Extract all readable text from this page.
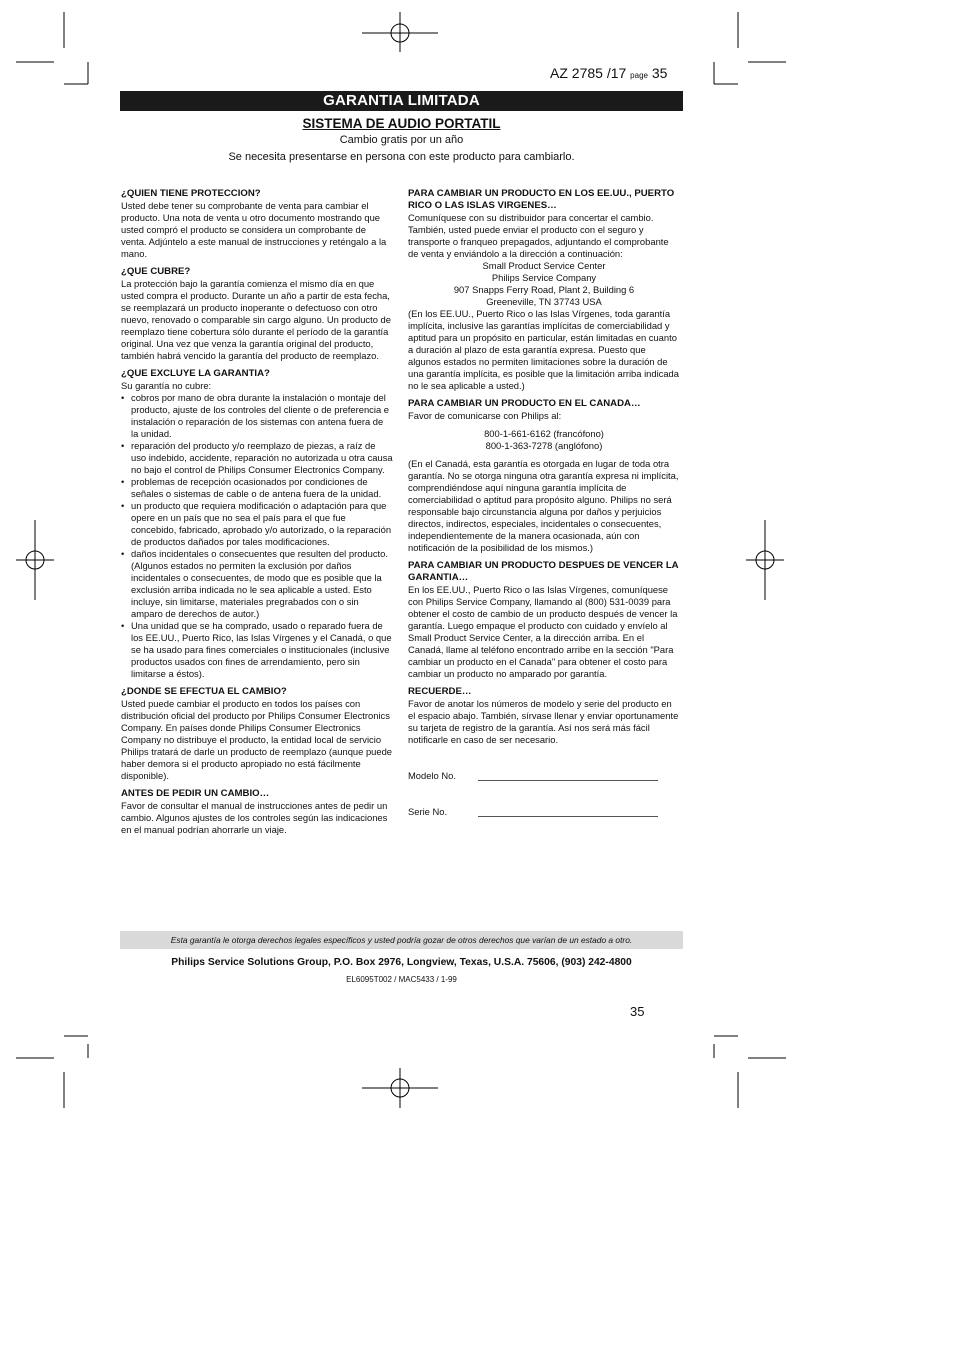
AZ 2785 /17 page 35
GARANTIA LIMITADA
SISTEMA DE AUDIO PORTATIL
Cambio gratis por un año
Se necesita presentarse en persona con este producto para cambiarlo.

¿QUIEN TIENE PROTECCION?

Usted debe tener su comprobante de venta para cambiar el producto. Una nota de venta u otro documento mostrando que usted compró el producto se considera un comprobante de venta. Adjúntelo a este manual de instrucciones y reténgalo a la mano.

¿QUE CUBRE?

La protección bajo la garantía comienza el mismo día en que usted compra el producto. Durante un año a partir de esta fecha, se reemplazará un producto inoperante o defectuoso con otro nuevo, renovado o comparable sin cargo alguno. Un producto de reemplazo tiene cobertura sólo durante el período de la garantía original. Una vez que venza la garantía original del producto, también habrá vencido la garantía del producto de reemplazo.

¿QUE EXCLUYE LA GARANTIA?

Su garantía no cubre:

• cobros por mano de obra durante la instalación o montaje del producto, ajuste de los controles del cliente o de preferencia e instalación o reparación de los sistemas con antena fuera de la unidad.
• reparación del producto y/o reemplazo de piezas, a raíz de uso indebido, accidente, reparación no autorizada u otra causa no bajo el control de Philips Consumer Electronics Company.
• problemas de recepción ocasionados por condiciones de señales o sistemas de cable o de antena fuera de la unidad.
• un producto que requiera modificación o adaptación para que opere en un país que no sea el país para el que fue concebido, fabricado, aprobado y/o autorizado, o la reparación de productos dañados por tales modificaciones.
• daños incidentales o consecuentes que resulten del producto. (Algunos estados no permiten la exclusión por daños incidentales o consecuentes, de modo que es posible que la exclusión arriba indicada no le sea aplicable a usted. Esto incluye, sin limitarse, materiales pregrabados con o sin amparo de derechos de autor.)
• Una unidad que se ha comprado, usado o reparado fuera de los EE.UU., Puerto Rico, las Islas Vírgenes y el Canadá, o que se ha usado para fines comerciales o institucionales (inclusive productos usados con fines de arrendamiento, pero sin limitarse a éstos).

¿DONDE SE EFECTUA EL CAMBIO?

Usted puede cambiar el producto en todos los países con distribución oficial del producto por Philips Consumer Electronics Company. En países donde Philips Consumer Electronics Company no distribuye el producto, la entidad local de servicio Philips tratará de darle un producto de reemplazo (aunque puede haber demora si el producto apropiado no está fácilmente disponible).

ANTES DE PEDIR UN CAMBIO…

Favor de consultar el manual de instrucciones antes de pedir un cambio. Algunos ajustes de los controles según las indicaciones en el manual podrían ahorrarle un viaje.

PARA CAMBIAR UN PRODUCTO EN LOS EE.UU., PUERTO RICO O LAS ISLAS VIRGENES…

Comuníquese con su distribuidor para concertar el cambio. También, usted puede enviar el producto con el seguro y transporte o franqueo prepagados, adjuntando el comprobante de venta y enviándolo a la dirección a continuación:

Small Product Service Center

Philips Service Company

907 Snapps Ferry Road, Plant 2, Building 6

Greeneville, TN 37743 USA

(En los EE.UU., Puerto Rico o las Islas Vírgenes, toda garantía implícita, inclusive las garantías implícitas de comerciabilidad y aptitud para un propósito en particular, están limitadas en cuanto a duración al plazo de esta garantía expresa. Puesto que algunos estados no permiten limitaciones sobre la duración de una garantía implícita, es posible que la limitación arriba indicada no le sea aplicable a usted.)

PARA CAMBIAR UN PRODUCTO EN EL CANADA…

Favor de comunicarse con Philips al:

800-1-661-6162 (francófono)
800-1-363-7278 (anglófono)

(En el Canadá, esta garantía es otorgada en lugar de toda otra garantía. No se otorga ninguna otra garantía expresa ni implícita, comprendiéndose aquí ninguna garantía implícita de comerciabilidad o aptitud para propósito alguno. Philips no será responsable bajo circunstancia alguna por daños y perjuicios directos, indirectos, especiales, incidentales o consecuentes, independientemente de la manera ocasionada, aún con notificación de la posibilidad de los mismos.)

PARA CAMBIAR UN PRODUCTO DESPUES DE VENCER LA GARANTIA…

En los EE.UU., Puerto Rico o las Islas Vírgenes, comuníquese con Philips Service Company, llamando al (800) 531-0039 para obtener el costo de cambio de un producto después de vencer la garantía. Luego empaque el producto con cuidado y envíelo al Small Product Service Center, a la dirección arriba. En el Canadá, llame al teléfono encontrado arribe en la sección "Para cambiar un producto en el Canada" para obtener el costo para cambiar un producto no amparado por garantía.

RECUERDE…

Favor de anotar los números de modelo y serie del producto en el espacio abajo. También, sírvase llenar y enviar oportunamente su tarjeta de registro de la garantía. Así nos será más fácil notificarle en caso de ser necesario.

Modelo No.
Serie No.
Esta garantía le otorga derechos legales específicos y usted podría gozar de otros derechos que varían de un estado a otro.
Philips Service Solutions Group, P.O. Box 2976, Longview, Texas, U.S.A. 75606, (903) 242-4800
EL6095T002 / MAC5433 / 1-99
35
